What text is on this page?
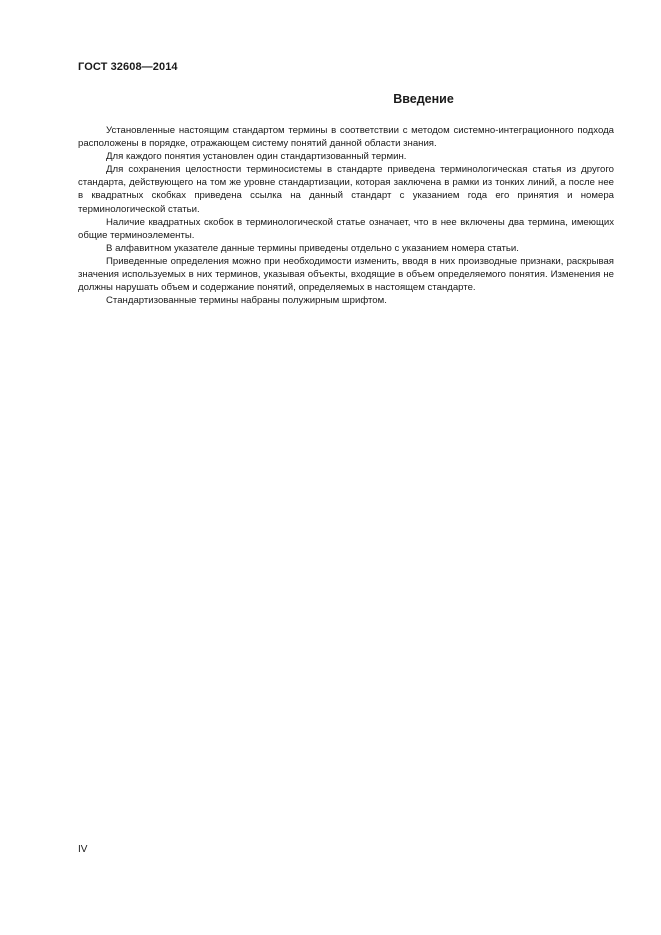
ГОСТ 32608—2014
Введение

Установленные настоящим стандартом термины в соответствии с методом системно-интеграционного подхода расположены в порядке, отражающем систему понятий данной области знания.

Для каждого понятия установлен один стандартизованный термин.

Для сохранения целостности терминосистемы в стандарте приведена терминологическая статья из другого стандарта, действующего на том же уровне стандартизации, которая заключена в рамки из тонких линий, а после нее в квадратных скобках приведена ссылка на данный стандарт с указанием года его принятия и номера терминологической статьи.

Наличие квадратных скобок в терминологической статье означает, что в нее включены два термина, имеющих общие терминоэлементы.

В алфавитном указателе данные термины приведены отдельно с указанием номера статьи.

Приведенные определения можно при необходимости изменить, вводя в них производные признаки, раскрывая значения используемых в них терминов, указывая объекты, входящие в объем определяемого понятия. Изменения не должны нарушать объем и содержание понятий, определяемых в настоящем стандарте.

Стандартизованные термины набраны полужирным шрифтом.

IV
